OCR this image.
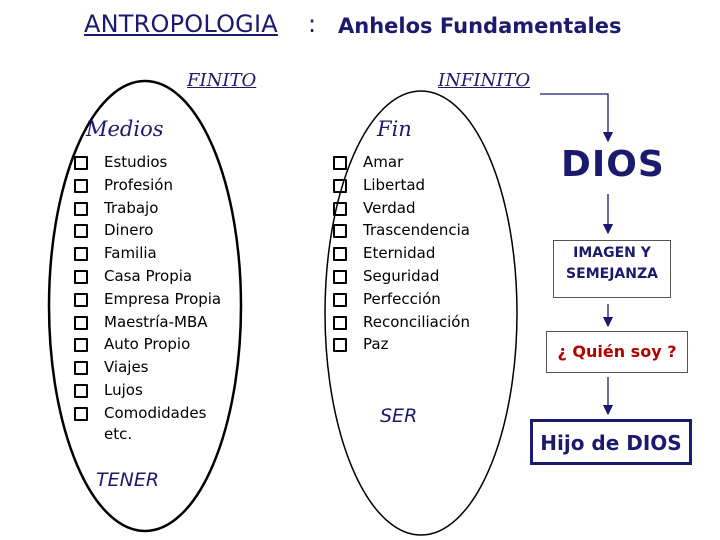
ANTROPOLOGIA : Anhelos Fundamentales
FINITO	INFINITO
Medios	Fin
Estudios
Profesión
Trabajo
Dinero
Familia
Casa Propia
Empresa Propia
Maestría-MBA
Auto Propio
Viajes
Lujos
Comodidades
etc.
TENER
Amar
Libertad
Verdad
Trascendencia
Eternidad
Seguridad
Perfección
Reconciliación
Paz
SER
DIOS
IMAGEN Y SEMEJANZA
¿ Quién soy ?
Hijo de DIOS
